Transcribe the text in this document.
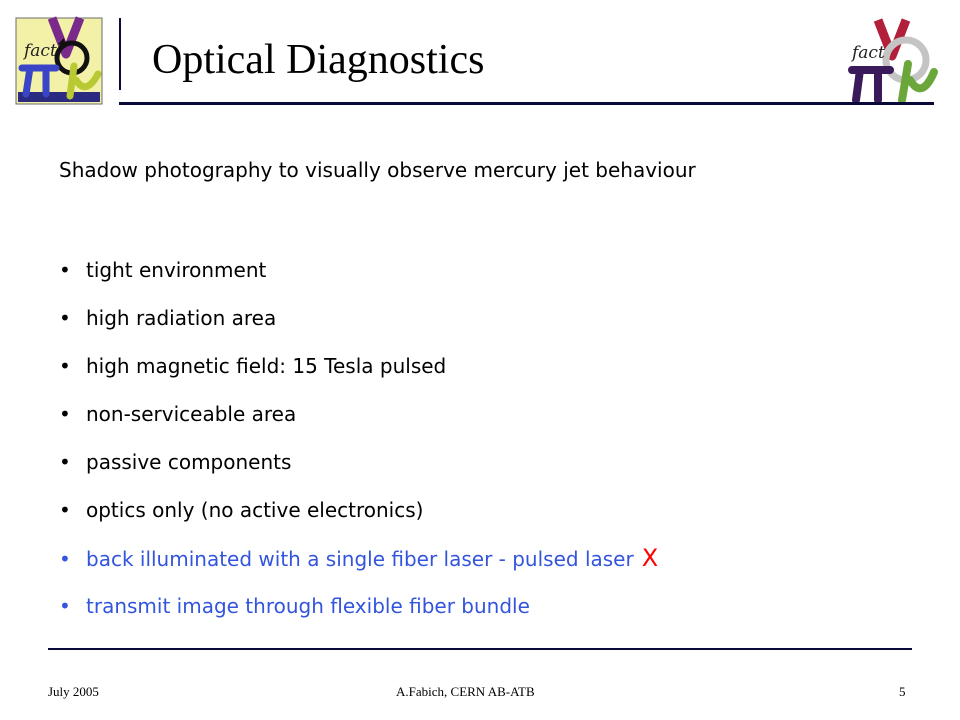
fact Optical Diagnostics	fact
Shadow photography to visually observe mercury jet behaviour
• tight environment
• high radiation area
• high magnetic field: 15 Tesla pulsed
• non-serviceable area
• passive components
• optics only (no active electronics)
• back illuminated with a single fiber laser - pulsed laser X
• transmit image through flexible fiber bundle
July 2005	A.Fabich, CERN AB-ATB	5
